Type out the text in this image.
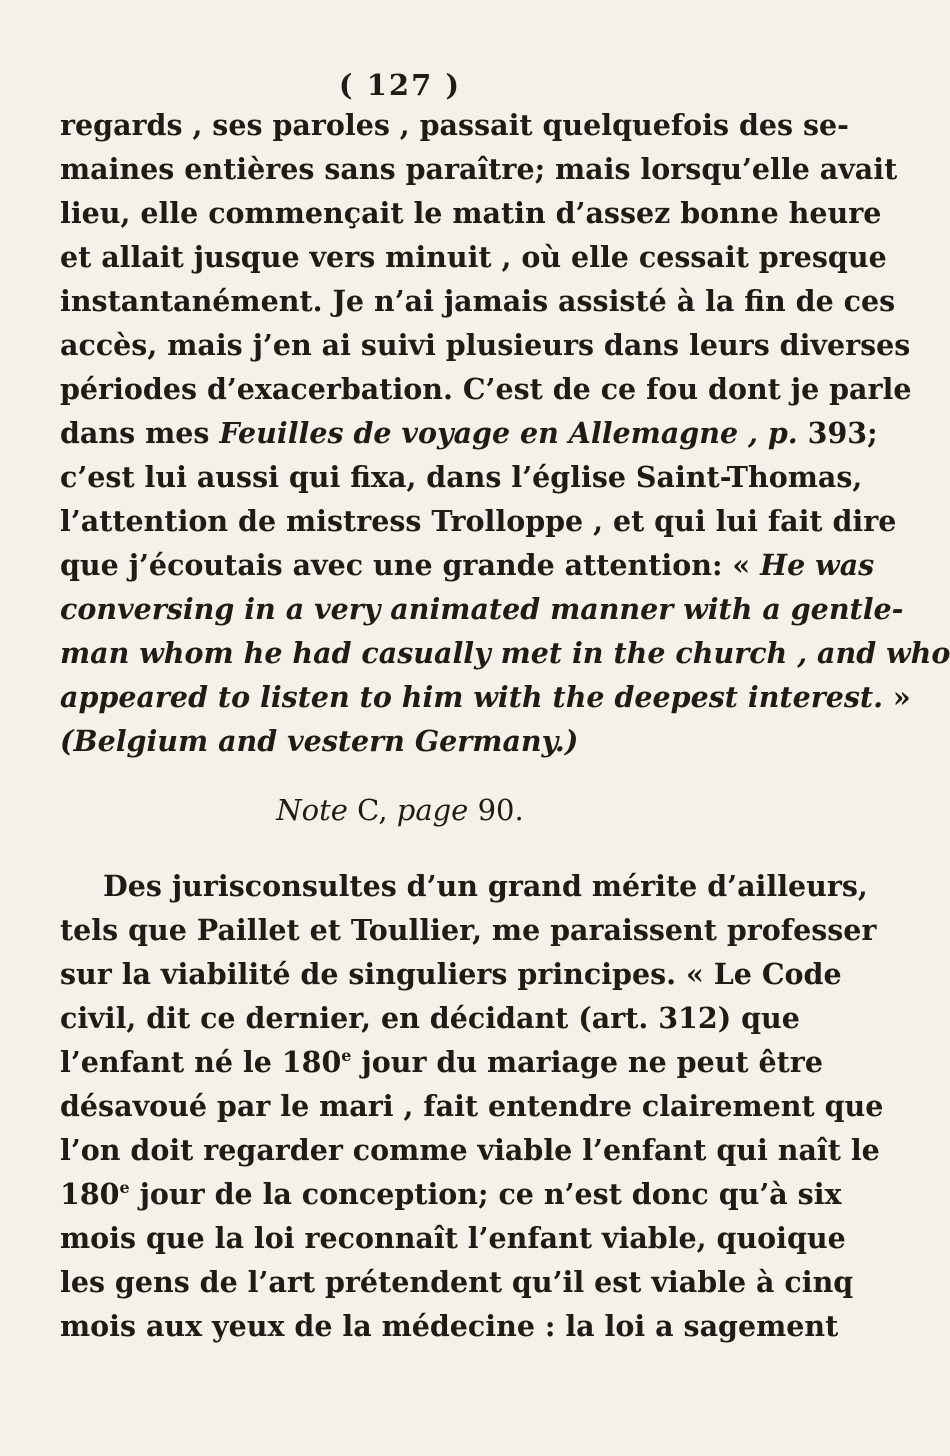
( 127 )
regards , ses paroles , passait quelquefois des se-
maines entières sans paraître; mais lorsqu’elle avait
lieu, elle commençait le matin d’assez bonne heure
et allait jusque vers minuit , où elle cessait presque
instantanément. Je n’ai jamais assisté à la fin de ces
accès, mais j’en ai suivi plusieurs dans leurs diverses
périodes d’exacerbation. C’est de ce fou dont je parle
dans mes Feuilles de voyage en Allemagne , p. 393;
c’est lui aussi qui fixa, dans l’église Saint-Thomas,
l’attention de mistress Trolloppe , et qui lui fait dire
que j’écoutais avec une grande attention: « He was
conversing in a very animated manner with a gentle-
man whom he had casually met in the church , and who
appeared to listen to him with the deepest interest. »
(Belgium and vestern Germany.)
Note C, page 90.
Des jurisconsultes d’un grand mérite d’ailleurs,
tels que Paillet et Toullier, me paraissent professer
sur la viabilité de singuliers principes. « Le Code
civil, dit ce dernier, en décidant (art. 312) que
l’enfant né le 180e jour du mariage ne peut être
désavoué par le mari , fait entendre clairement que
l’on doit regarder comme viable l’enfant qui naît le
180e jour de la conception; ce n’est donc qu’à six
mois que la loi reconnaît l’enfant viable, quoique
les gens de l’art prétendent qu’il est viable à cinq
mois aux yeux de la médecine : la loi a sagement
